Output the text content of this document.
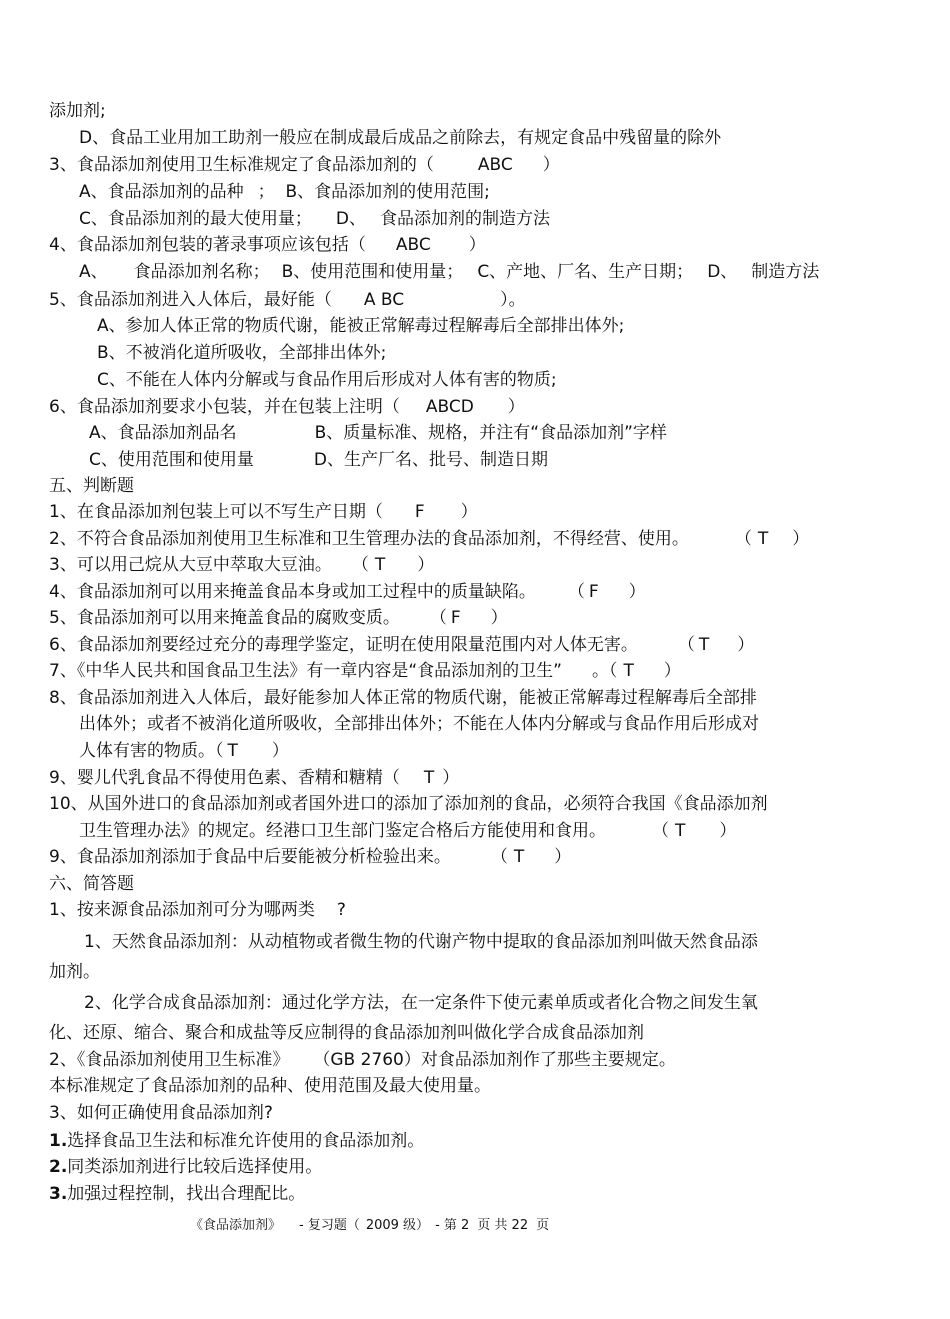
添加剂;
D、食品工业用加工助剂一般应在制成最后成品之前除去，有规定食品中残留量的除外
3、食品添加剂使用卫生标准规定了食品添加剂的（	ABC ）
A、食品添加剂的品种 ；  B、食品添加剂的使用范围;
C、食品添加剂的最大使用量； D、 食品添加剂的制造方法
4、食品添加剂包装的著录事项应该包括（ ABC ）
A、 食品添加剂名称； B、使用范围和使用量； C、产地、厂名、生产日期； D、 制造方法
5、食品添加剂进入人体后，最好能（ A BC	）。
A、参加人体正常的物质代谢，能被正常解毒过程解毒后全部排出体外;
B、不被消化道所吸收，全部排出体外;
C、不能在人体内分解或与食品作用后形成对人体有害的物质;
6、食品添加剂要求小包装，并在包装上注明（ ABCD ）
A、食品添加剂品名	B、质量标准、规格，并注有“食品添加剂”字样
C、使用范围和使用量	D、生产厂名、批号、制造日期
五、判断题
1、在食品添加剂包装上可以不写生产日期（ F ）
2、不符合食品添加剂使用卫生标准和卫生管理办法的食品添加剂，不得经营、使用。	（ T ）
3、可以用己烷从大豆中萃取大豆油。 （ T ）
4、食品添加剂可以用来掩盖食品本身或加工过程中的质量缺陷。 （ F ）
5、食品添加剂可以用来掩盖食品的腐败变质。 （ F ）
6、食品添加剂要经过充分的毒理学鉴定，证明在使用限量范围内对人体无害。 （ T ）
7、《中华人民共和国食品卫生法》有一章内容是“食品添加剂的卫生” 。（ T ）
8、食品添加剂进入人体后，最好能参加人体正常的物质代谢，能被正常解毒过程解毒后全部排
出体外；或者不被消化道所吸收，全部排出体外；不能在人体内分解或与食品作用后形成对
人体有害的物质。（ T ）
9、婴儿代乳食品不得使用色素、香精和糖精（ T ）
10、从国外进口的食品添加剂或者国外进口的添加了添加剂的食品，必须符合我国《食品添加剂
卫生管理办法》的规定。经港口卫生部门鉴定合格后方能使用和食用。	（ T ）
9、食品添加剂添加于食品中后要能被分析检验出来。 （ T ）
六、简答题
1、按来源食品添加剂可分为哪两类 ?
1、天然食品添加剂：从动植物或者微生物的代谢产物中提取的食品添加剂叫做天然食品添
加剂。
2、化学合成食品添加剂：通过化学方法，在一定条件下使元素单质或者化合物之间发生氧
化、还原、缩合、聚合和成盐等反应制得的食品添加剂叫做化学合成食品添加剂
2、《食品添加剂使用卫生标准》 （GB 2760）对食品添加剂作了那些主要规定。
本标准规定了食品添加剂的品种、使用范围及最大使用量。
3、如何正确使用食品添加剂?
1.选择食品卫生法和标准允许使用的食品添加剂。
2.同类添加剂进行比较后选择使用。
3.加强过程控制，找出合理配比。
《食品添加剂》 - 复习题（ 2009 级） - 第 2 页 共 22 页
